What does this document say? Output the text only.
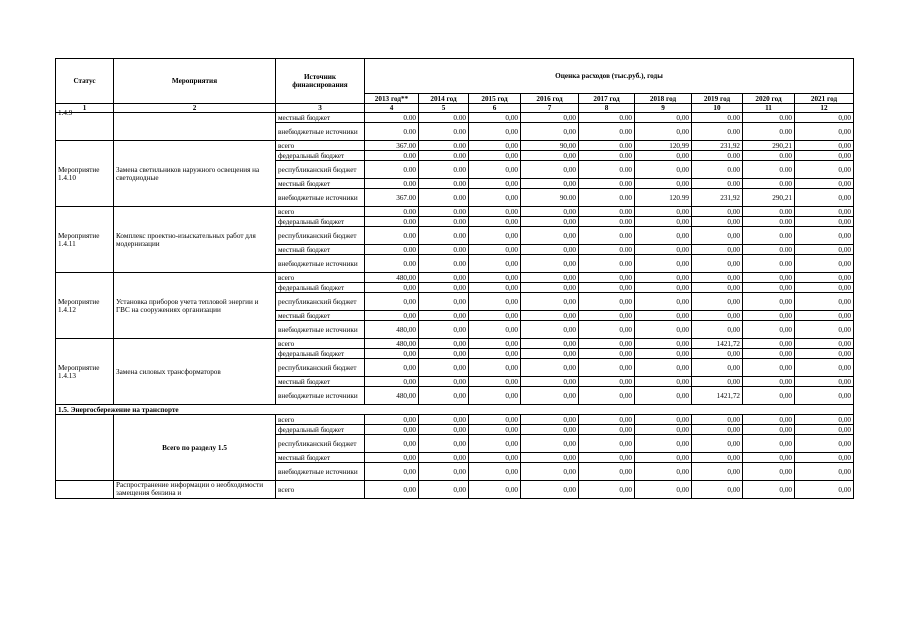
Статус	Мероприятия	Источник финансирования	Оценка расходов (тыс.руб.), годы								
			2013 год**	2014 год	2015 год	2016 год	2017 год	2018 год	2019 год	2020 год	2021 год
1	2	3	4	5	6	7	8	9	10	11	12

1.4.9		местный бюджет	0.00	0.00	0,00	0,00	0.00	0,00	0.00	0.00	0,00
		внебюджетные источники	0.00	0.00	0,00	0,00	0.00	0,00	0.00	0.00	0,00
Мероприятие 1.4.10	Замена светильников наружного освещения на светодиодные	всего	367.00	0.00	0,00	90,00	0.00	120,99	231,92	290,21	0,00
		федеральный бюджет	0.00	0.00	0,00	0,00	0.00	0,00	0.00	0.00	0,00
		республиканский бюджет	0.00	0.00	0,00	0,00	0.00	0,00	0.00	0.00	0,00
		местный бюджет	0.00	0.00	0,00	0,00	0.00	0,00	0.00	0.00	0,00
		внебюджетные источники	367.00	0.00	0,00	90.00	0.00	120.99	231,92	290,21	0,00
Мероприятие 1.4.11	Комплекс проектно-изыскательных работ для модернизации	всего	0.00	0.00	0,00	0,00	0.00	0,00	0,00	0.00	0,00
		федеральный бюджет	0.00	0.00	0,00	0,00	0.00	0,00	0,00	0.00	0,00
		республиканский бюджет	0.00	0.00	0,00	0,00	0.00	0,00	0,00	0.00	0,00
		местный бюджет	0.00	0.00	0,00	0,00	0.00	0,00	0,00	0.00	0,00
		внебюджетные источники	0.00	0.00	0,00	0,00	0.00	0,00	0,00	0.00	0,00
Мероприятие 1.4.12	Установка приборов учета тепловой энергии и ГВС на сооружениях организации	всего	480,00	0,00	0,00	0,00	0,00	0,00	0,00	0,00	0,00
		федеральный бюджет	0,00	0,00	0,00	0,00	0,00	0,00	0,00	0,00	0,00
		республиканский бюджет	0,00	0,00	0,00	0,00	0,00	0,00	0,00	0,00	0,00
		местный бюджет	0,00	0,00	0,00	0,00	0,00	0,00	0,00	0,00	0,00
		внебюджетные источники	480,00	0,00	0,00	0,00	0,00	0,00	0,00	0,00	0,00
Мероприятие 1.4.13	Замена силовых трансформаторов	всего	480,00	0,00	0,00	0,00	0,00	0,00	1421,72	0,00	0,00
		федеральный бюджет	0,00	0,00	0,00	0,00	0,00	0,00	0,00	0,00	0,00
		республиканский бюджет	0,00	0,00	0,00	0,00	0,00	0,00	0,00	0,00	0,00
		местный бюджет	0,00	0,00	0,00	0,00	0,00	0,00	0,00	0,00	0,00
		внебюджетные источники	480,00	0,00	0,00	0,00	0,00	0,00	1421,72	0,00	0,00
1.5. Энергосбережение на транспорте											
	Всего по разделу 1.5	всего	0,00	0,00	0,00	0,00	0,00	0,00	0,00	0,00	0,00
		федеральный бюджет	0,00	0,00	0,00	0,00	0,00	0,00	0,00	0,00	0,00
		республиканский бюджет	0,00	0,00	0,00	0,00	0,00	0,00	0,00	0,00	0,00
		местный бюджет	0,00	0,00	0,00	0,00	0,00	0,00	0,00	0,00	0,00
		внебюджетные источники	0,00	0,00	0,00	0,00	0,00	0,00	0,00	0,00	0,00
	Распространение информации о необходимости замещения бензина и	всего	0,00	0,00	0,00	0,00	0,00	0,00	0,00	0,00	0,00
